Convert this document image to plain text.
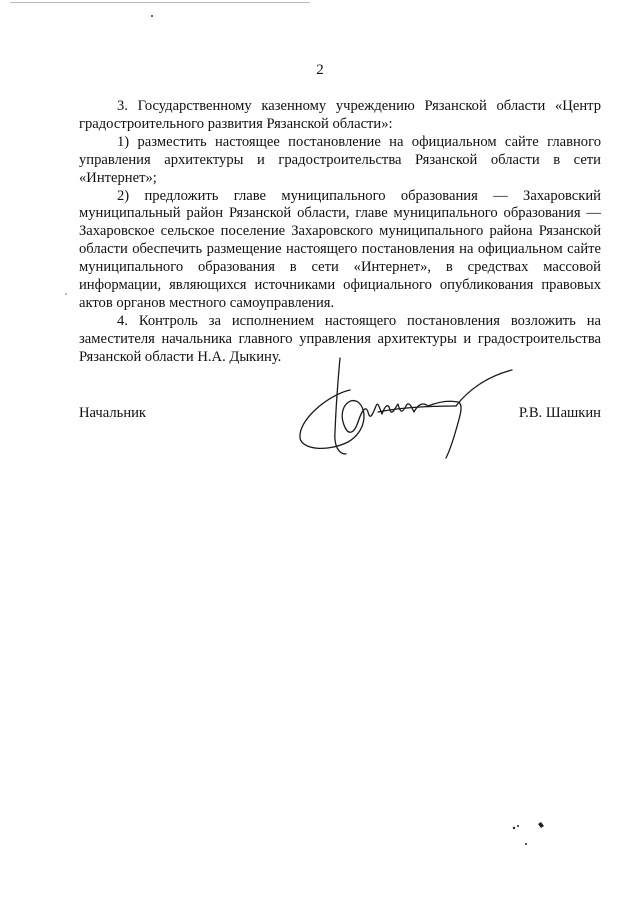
2

3. Государственному казенному учреждению Рязанской области «Центр градостроительного развития Рязанской области»:

1) разместить настоящее постановление на официальном сайте главного управления архитектуры и градостроительства Рязанской области в сети «Интернет»;

2) предложить главе муниципального образования — Захаровский муниципальный район Рязанской области, главе муниципального образования — Захаровское сельское поселение Захаровского муниципального района Рязанской области обеспечить размещение настоящего постановления на официальном сайте муниципального образования в сети «Интернет», в средствах массовой информации, являющихся источниками официального опубликования правовых актов органов местного самоуправления.

4. Контроль за исполнением настоящего постановления возложить на заместителя начальника главного управления архитектуры и градостроительства Рязанской области Н.А. Дыкину.

Начальник	Р.В. Шашкин
